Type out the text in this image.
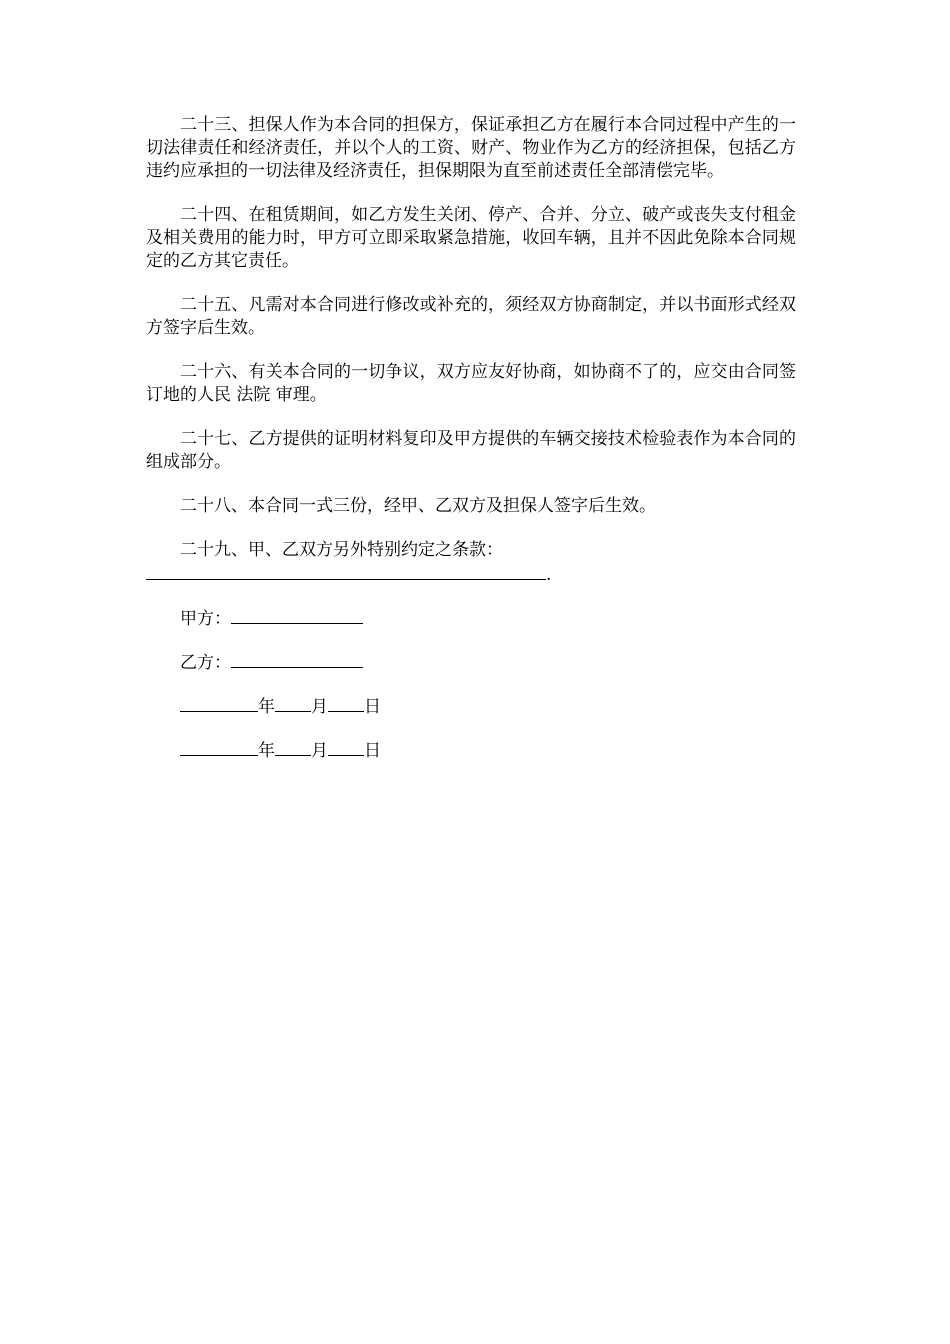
二十三、担保人作为本合同的担保方，保证承担乙方在履行本合同过程中产生的一切法律责任和经济责任，并以个人的工资、财产、物业作为乙方的经济担保，包括乙方违约应承担的一切法律及经济责任，担保期限为直至前述责任全部清偿完毕。

二十四、在租赁期间，如乙方发生关闭、停产、合并、分立、破产或丧失支付租金及相关费用的能力时，甲方可立即采取紧急措施，收回车辆，且并不因此免除本合同规定的乙方其它责任。

二十五、凡需对本合同进行修改或补充的，须经双方协商制定，并以书面形式经双方签字后生效。

二十六、有关本合同的一切争议，双方应友好协商，如协商不了的，应交由合同签订地的人民 法院 审理。

二十七、乙方提供的证明材料复印及甲方提供的车辆交接技术检验表作为本合同的组成部分。

二十八、本合同一式三份，经甲、乙双方及担保人签字后生效。

二十九、甲、乙双方另外特别约定之条款：

.
甲方：
乙方：
年 月 日
年 月 日
